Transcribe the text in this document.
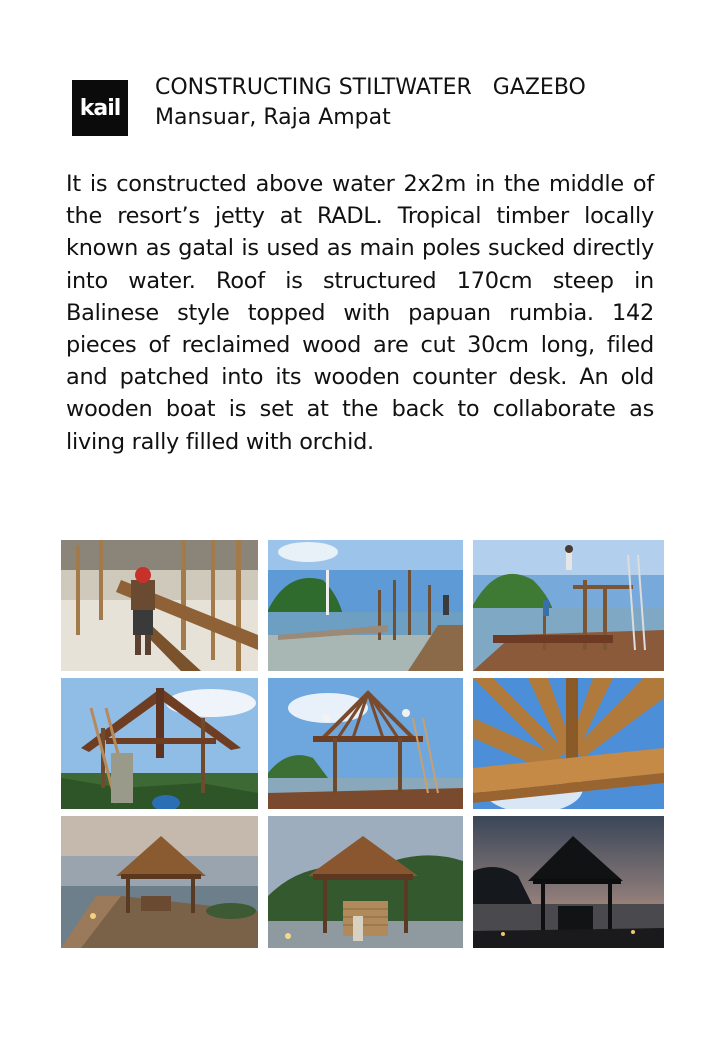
kail
CONSTRUCTING STILTWATER   GAZEBO
Mansuar, Raja Ampat
It is constructed above water 2x2m in the middle of the resort’s jetty at RADL. Tropical timber locally known as gatal is used as main poles sucked directly into water. Roof is structured 170cm steep in Balinese style topped with papuan rumbia. 142 pieces of reclaimed wood are cut 30cm long, filed and patched into its wooden counter desk. An old wooden boat is set at the back to collaborate as living rally filled with orchid.
